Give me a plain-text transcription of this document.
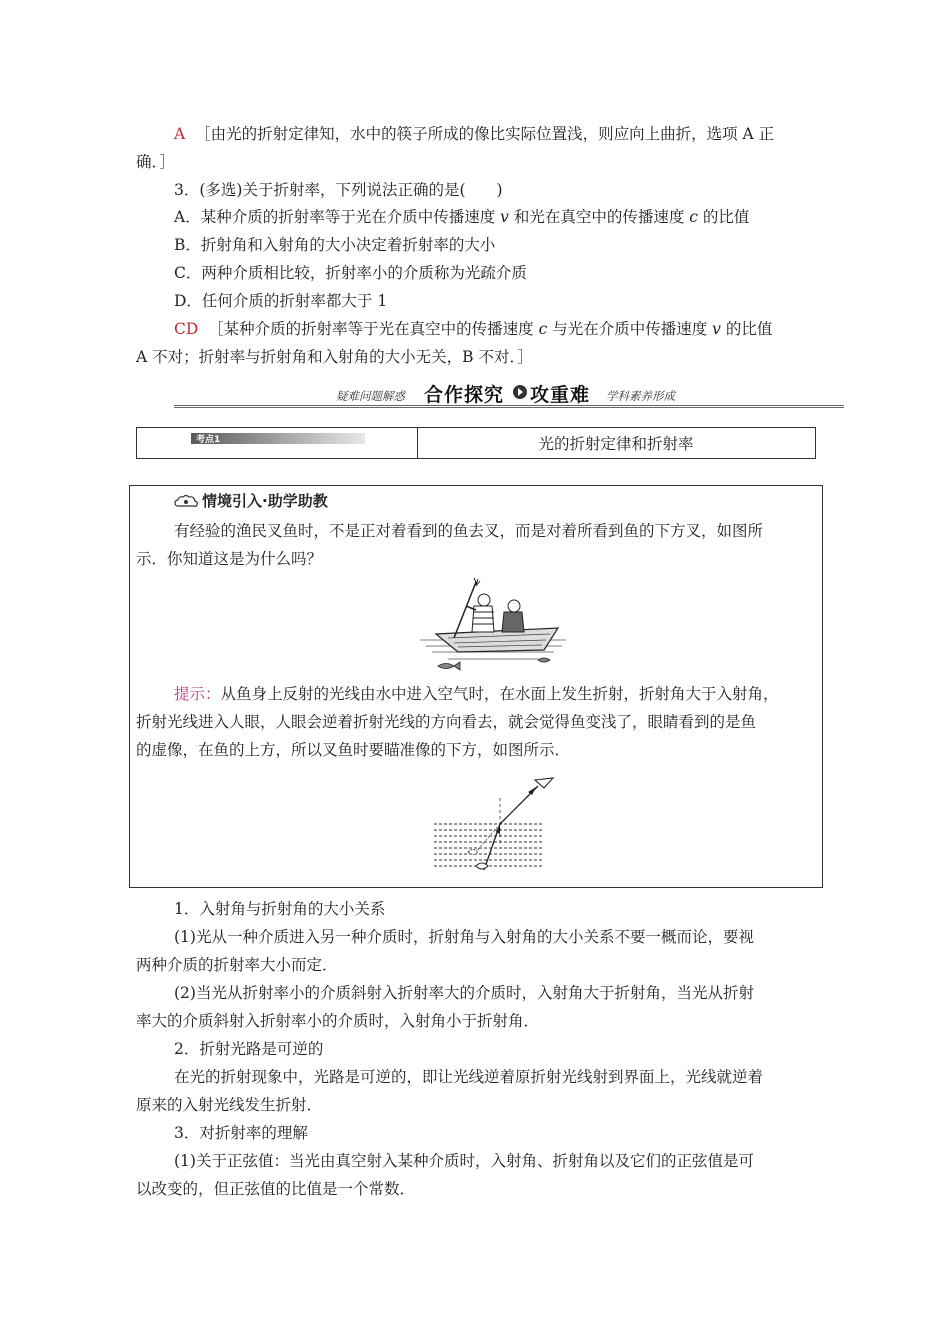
A ［由光的折射定律知，水中的筷子所成的像比实际位置浅，则应向上曲折，选项 A 正
确．］
3．(多选)关于折射率，下列说法正确的是(　　)
A．某种介质的折射率等于光在介质中传播速度 v 和光在真空中的传播速度 c 的比值
B．折射角和入射角的大小决定着折射率的大小
C．两种介质相比较，折射率小的介质称为光疏介质
D．任何介质的折射率都大于 1
CD ［某种介质的折射率等于光在真空中的传播速度 c 与光在介质中传播速度 v 的比值
A 不对；折射率与折射角和入射角的大小无关，B 不对．］
疑难问题解惑 合作探究 攻重难 学科素养形成
考点1	光的折射定律和折射率
情境引入·助学助教
有经验的渔民叉鱼时，不是正对着看到的鱼去叉，而是对着所看到鱼的下方叉，如图所
示．你知道这是为什么吗？
提示：从鱼身上反射的光线由水中进入空气时，在水面上发生折射，折射角大于入射角，
折射光线进入人眼，人眼会逆着折射光线的方向看去，就会觉得鱼变浅了，眼睛看到的是鱼
的虚像，在鱼的上方，所以叉鱼时要瞄准像的下方，如图所示．
1．入射角与折射角的大小关系
(1)光从一种介质进入另一种介质时，折射角与入射角的大小关系不要一概而论，要视
两种介质的折射率大小而定．
(2)当光从折射率小的介质斜射入折射率大的介质时，入射角大于折射角，当光从折射
率大的介质斜射入折射率小的介质时，入射角小于折射角．
2．折射光路是可逆的
在光的折射现象中，光路是可逆的，即让光线逆着原折射光线射到界面上，光线就逆着
原来的入射光线发生折射．
3．对折射率的理解
(1)关于正弦值：当光由真空射入某种介质时，入射角、折射角以及它们的正弦值是可
以改变的，但正弦值的比值是一个常数．
